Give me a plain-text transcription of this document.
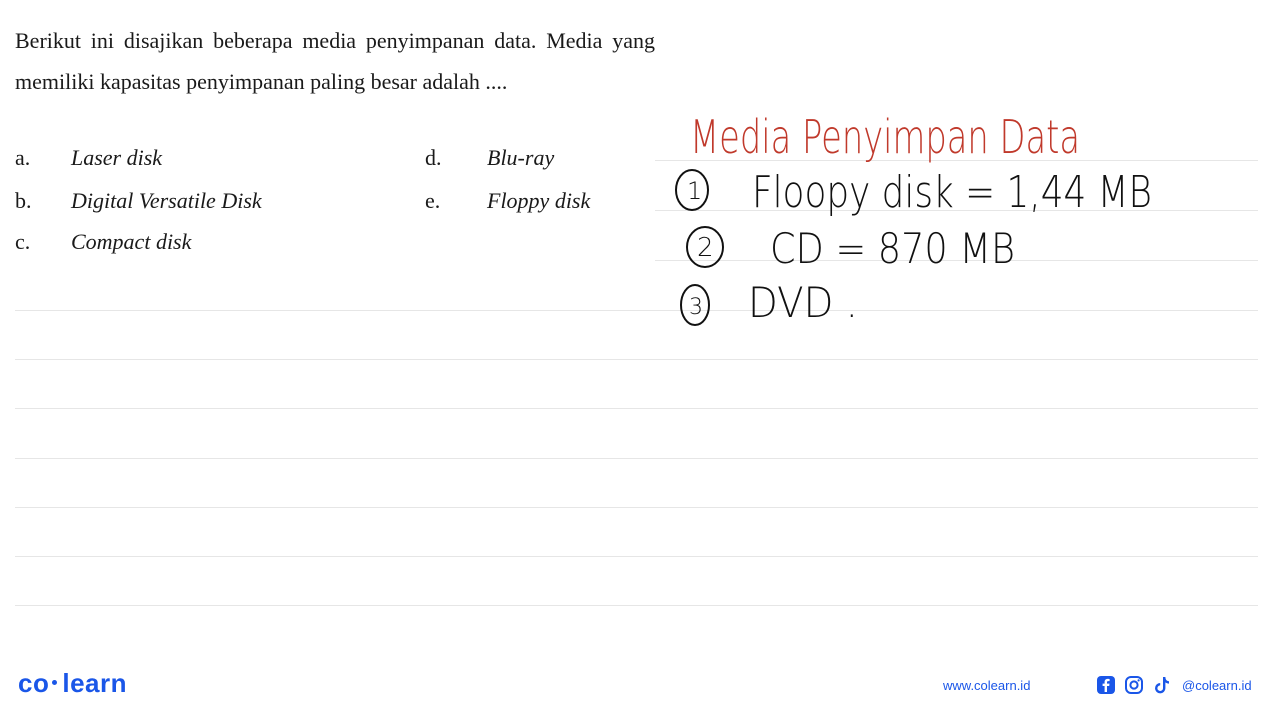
Berikut ini disajikan beberapa media penyimpanan data. Media yang memiliki kapasitas penyimpanan paling besar adalah ....

a. Laser disk
b. Digital Versatile Disk
c. Compact disk
d. Blu-ray
e. Floppy disk
Media Penyimpan Data
1 Floopy disk = 1,44 MB
2 CD = 870 MB
3 DVD .
co learn	www.colearn.id	@colearn.id
